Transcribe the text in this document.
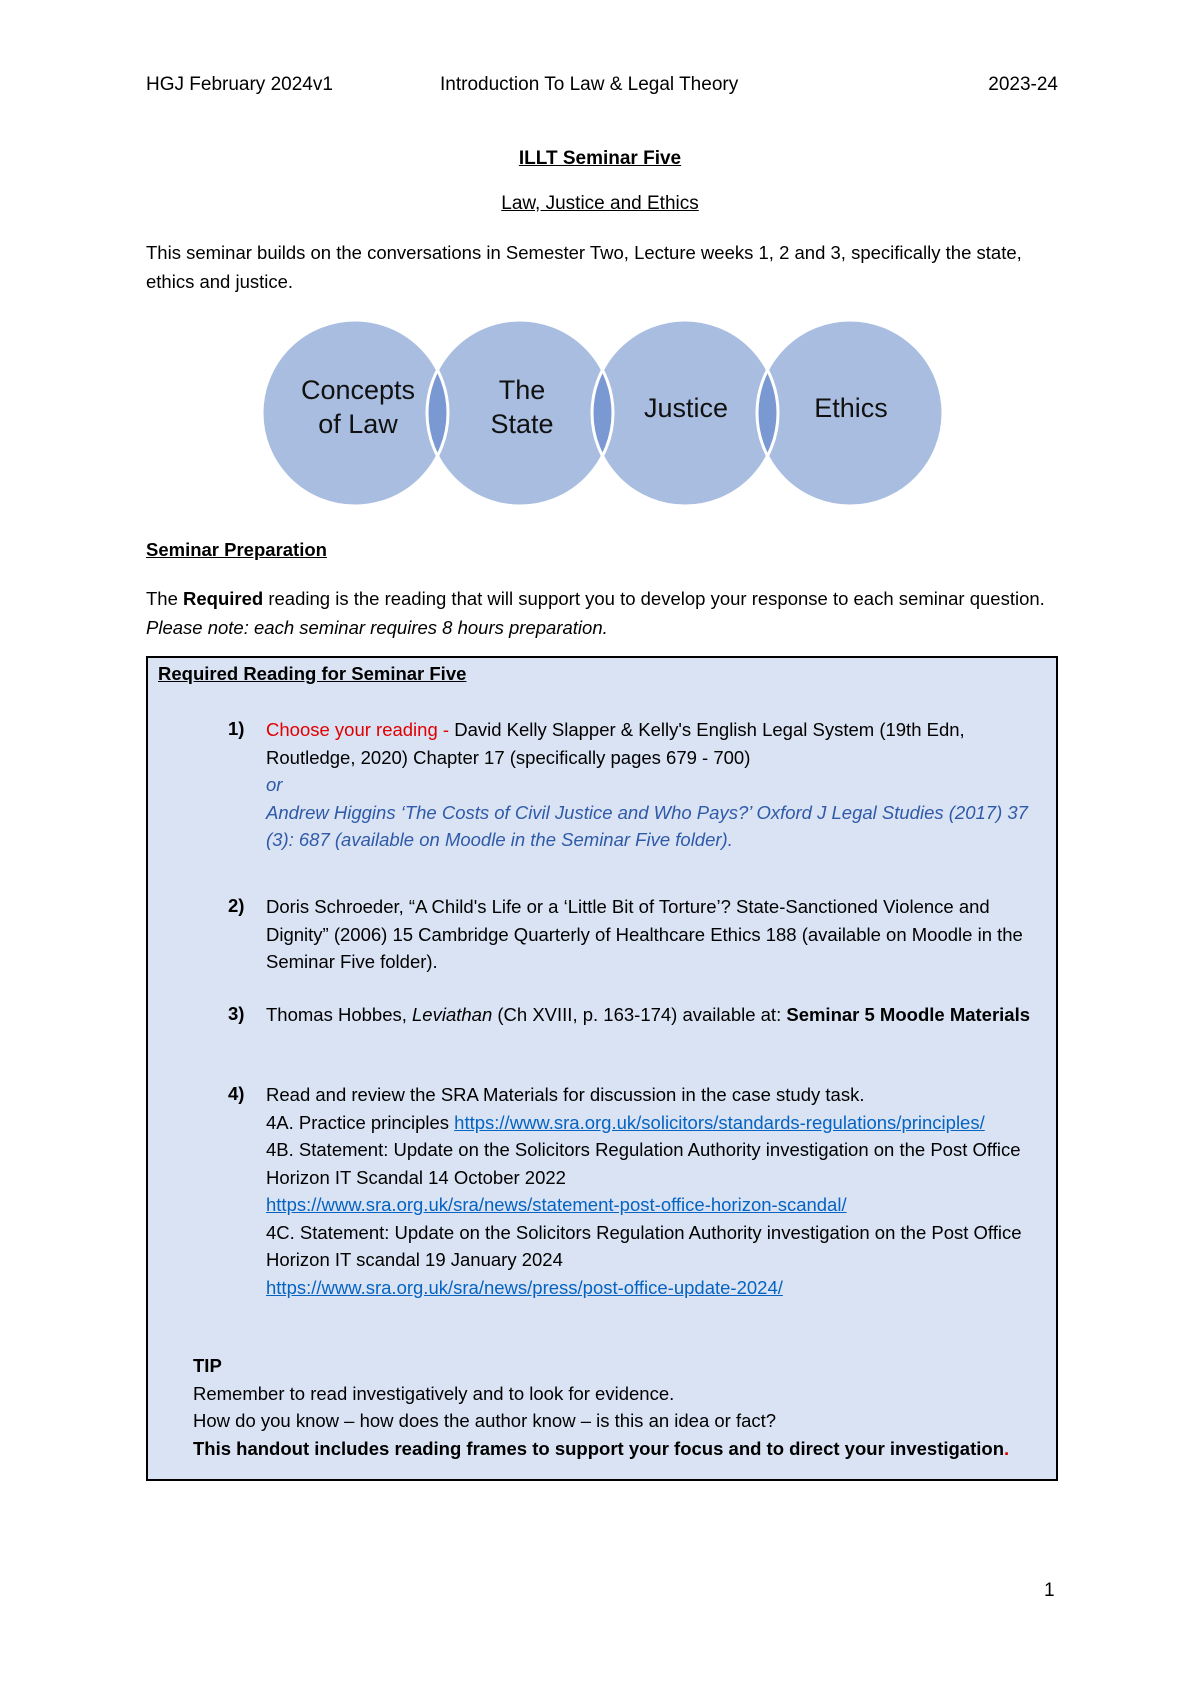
HGJ February 2024v1	Introduction To Law & Legal Theory	2023-24
ILLT Seminar Five
Law, Justice and Ethics
This seminar builds on the conversations in Semester Two, Lecture weeks 1, 2 and 3, specifically the state, ethics and justice.
Concepts
of Law
The
State
Justice	Ethics
Seminar Preparation
The Required reading is the reading that will support you to develop your response to each seminar question. Please note: each seminar requires 8 hours preparation.
Required Reading for Seminar Five
1) Choose your reading - David Kelly Slapper & Kelly's English Legal System (19th Edn, Routledge, 2020) Chapter 17 (specifically pages 679 - 700)
or
Andrew Higgins ‘The Costs of Civil Justice and Who Pays?’ Oxford J Legal Studies (2017) 37 (3): 687 (available on Moodle in the Seminar Five folder).
2) Doris Schroeder, “A Child's Life or a ‘Little Bit of Torture’? State-Sanctioned Violence and Dignity” (2006) 15 Cambridge Quarterly of Healthcare Ethics 188 (available on Moodle in the Seminar Five folder).
3) Thomas Hobbes, Leviathan (Ch XVIII, p. 163-174) available at: Seminar 5 Moodle Materials
4) Read and review the SRA Materials for discussion in the case study task.
4A. Practice principles https://www.sra.org.uk/solicitors/standards-regulations/principles/
4B. Statement: Update on the Solicitors Regulation Authority investigation on the Post Office Horizon IT Scandal 14 October 2022
https://www.sra.org.uk/sra/news/statement-post-office-horizon-scandal/
4C. Statement: Update on the Solicitors Regulation Authority investigation on the Post Office Horizon IT scandal 19 January 2024
https://www.sra.org.uk/sra/news/press/post-office-update-2024/
TIP
Remember to read investigatively and to look for evidence.
How do you know – how does the author know – is this an idea or fact?
This handout includes reading frames to support your focus and to direct your investigation.
1
